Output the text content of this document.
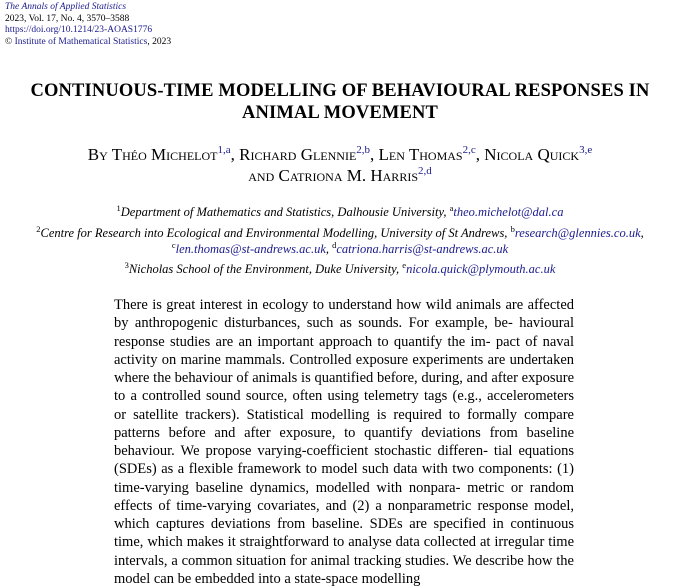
The Annals of Applied Statistics
2023, Vol. 17, No. 4, 3570–3588
https://doi.org/10.1214/23-AOAS1776
© Institute of Mathematical Statistics, 2023
CONTINUOUS-TIME MODELLING OF BEHAVIOURAL RESPONSES IN
ANIMAL MOVEMENT
By Théo Michelot$^{1,a}$, Richard Glennie$^{2,b}$, Len Thomas$^{2,c}$, Nicola Quick$^{3,e}$
and Catriona M. Harris$^{2,d}$
$^1$Department of Mathematics and Statistics, Dalhousie University, $^a$theo.michelot@dal.ca
$^2$Centre for Research into Ecological and Environmental Modelling, University of St Andrews, $^b$research@glennies.co.uk,
$^c$len.thomas@st-andrews.ac.uk, $^d$catriona.harris@st-andrews.ac.uk
$^3$Nicholas School of the Environment, Duke University, $^e$nicola.quick@plymouth.ac.uk

There is great interest in ecology to understand how wild animals are affected by anthropogenic disturbances, such as sounds. For example, be- havioural response studies are an important approach to quantify the im- pact of naval activity on marine mammals. Controlled exposure experiments are undertaken where the behaviour of animals is quantified before, during, and after exposure to a controlled sound source, often using telemetry tags (e.g., accelerometers or satellite trackers). Statistical modelling is required to formally compare patterns before and after exposure, to quantify deviations from baseline behaviour. We propose varying-coefficient stochastic differen- tial equations (SDEs) as a flexible framework to model such data with two components: (1) time-varying baseline dynamics, modelled with nonpara- metric or random effects of time-varying covariates, and (2) a nonparametric response model, which captures deviations from baseline. SDEs are specified in continuous time, which makes it straightforward to analyse data collected at irregular time intervals, a common situation for animal tracking studies. We describe how the model can be embedded into a state-space modelling
